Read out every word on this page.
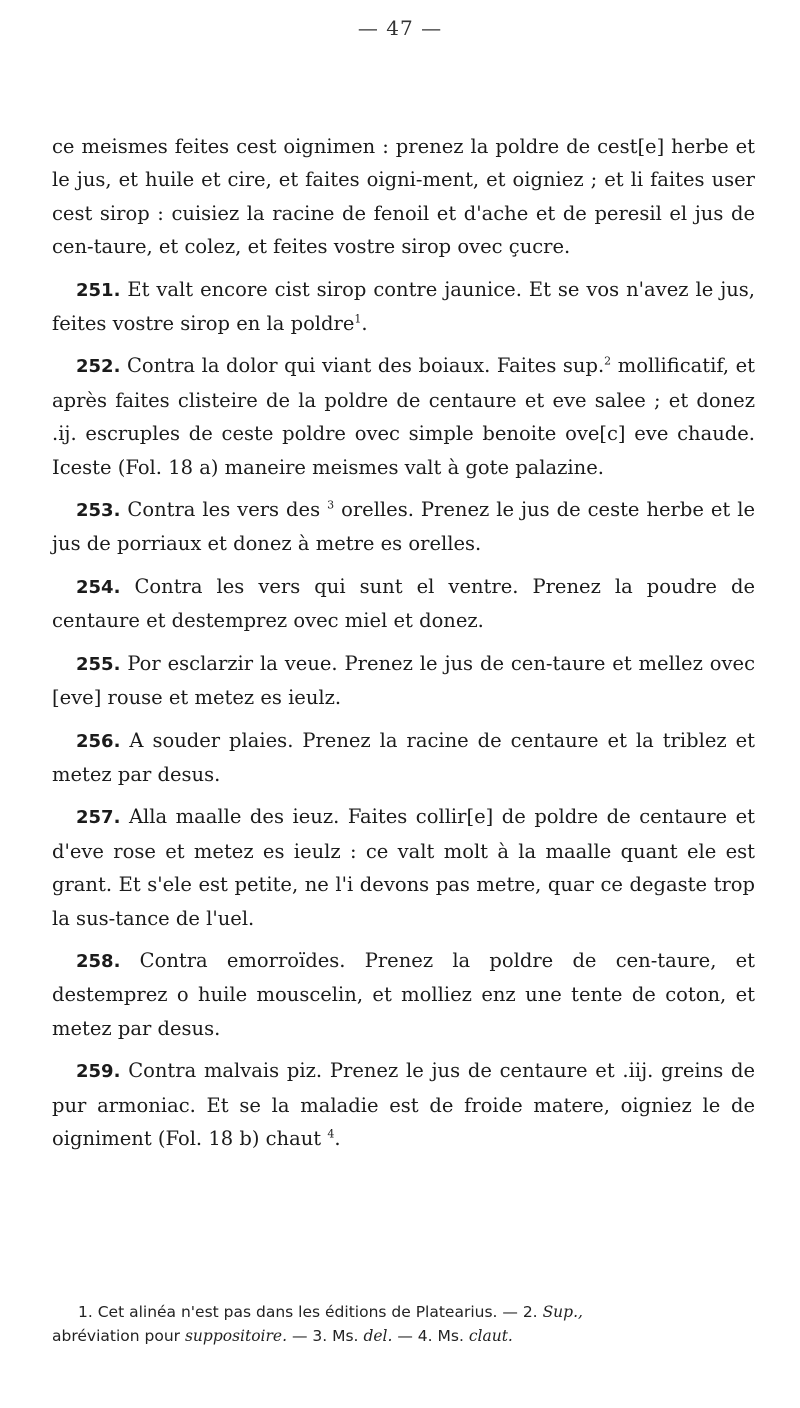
— 47 —

ce meismes feites cest oignimen : prenez la poldre de cest[e] herbe et le jus, et huile et cire, et faites oigni-ment, et oigniez ; et li faites user cest sirop : cuisiez la racine de fenoil et d'ache et de peresil el jus de cen-taure, et colez, et feites vostre sirop ovec çucre.

251. Et valt encore cist sirop contre jaunice. Et se vos n'avez le jus, feites vostre sirop en la poldre$^1$.

252. Contra la dolor qui viant des boiaux. Faites sup.$^2$ mollificatif, et après faites clisteire de la poldre de centaure et eve salee ; et donez .ij. escruples de ceste poldre ovec simple benoite ove[c] eve chaude. Iceste (Fol. 18 a) maneire meismes valt à gote palazine.

253. Contra les vers des $^3$ orelles. Prenez le jus de ceste herbe et le jus de porriaux et donez à metre es orelles.

254. Contra les vers qui sunt el ventre. Prenez la poudre de centaure et destemprez ovec miel et donez.

255. Por esclarzir la veue. Prenez le jus de cen-taure et mellez ovec [eve] rouse et metez es ieulz.

256. A souder plaies. Prenez la racine de centaure et la triblez et metez par desus.

257. Alla maalle des ieuz. Faites collir[e] de poldre de centaure et d'eve rose et metez es ieulz : ce valt molt à la maalle quant ele est grant. Et s'ele est petite, ne l'i devons pas metre, quar ce degaste trop la sus-tance de l'uel.

258. Contra emorroïdes. Prenez la poldre de cen-taure, et destemprez o huile mouscelin, et molliez enz une tente de coton, et metez par desus.

259. Contra malvais piz. Prenez le jus de centaure et .iij. greins de pur armoniac. Et se la maladie est de froide matere, oigniez le de oigniment (Fol. 18 b) chaut $^4$.

1. Cet alinéa n'est pas dans les éditions de Platearius. — 2. Sup.,

abréviation pour suppositoire. — 3. Ms. del. — 4. Ms. claut.
